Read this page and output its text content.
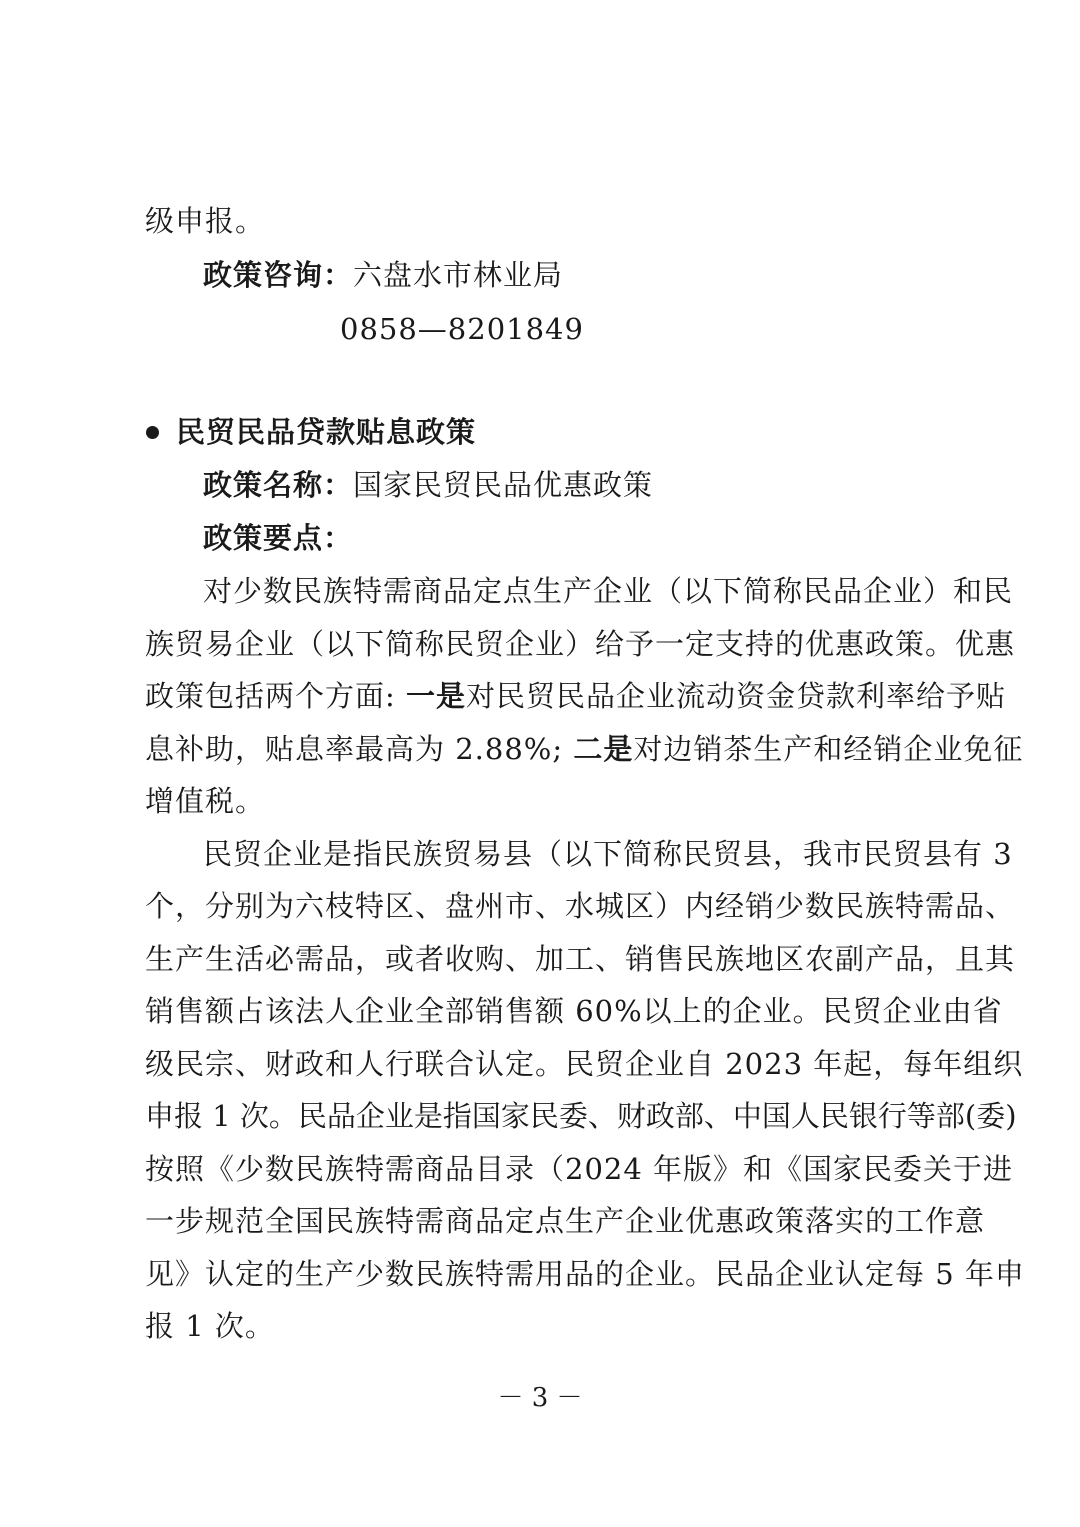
级申报。
政策咨询：六盘水市林业局
0858—8201849
民贸民品贷款贴息政策
政策名称：国家民贸民品优惠政策
政策要点：
对少数民族特需商品定点生产企业（以下简称民品企业）和民
族贸易企业（以下简称民贸企业）给予一定支持的优惠政策。优惠
政策包括两个方面: 一是对民贸民品企业流动资金贷款利率给予贴
息补助，贴息率最高为 2.88%; 二是对边销茶生产和经销企业免征
增值税。
民贸企业是指民族贸易县（以下简称民贸县，我市民贸县有 3
个，分别为六枝特区、盘州市、水城区）内经销少数民族特需品、
生产生活必需品，或者收购、加工、销售民族地区农副产品，且其
销售额占该法人企业全部销售额 60%以上的企业。民贸企业由省
级民宗、财政和人行联合认定。民贸企业自 2023 年起，每年组织
申报 1 次。民品企业是指国家民委、财政部、中国人民银行等部(委)
按照《少数民族特需商品目录（2024 年版》和《国家民委关于进
一步规范全国民族特需商品定点生产企业优惠政策落实的工作意
见》认定的生产少数民族特需用品的企业。民品企业认定每 5 年申
报 1 次。
－ 3 －
